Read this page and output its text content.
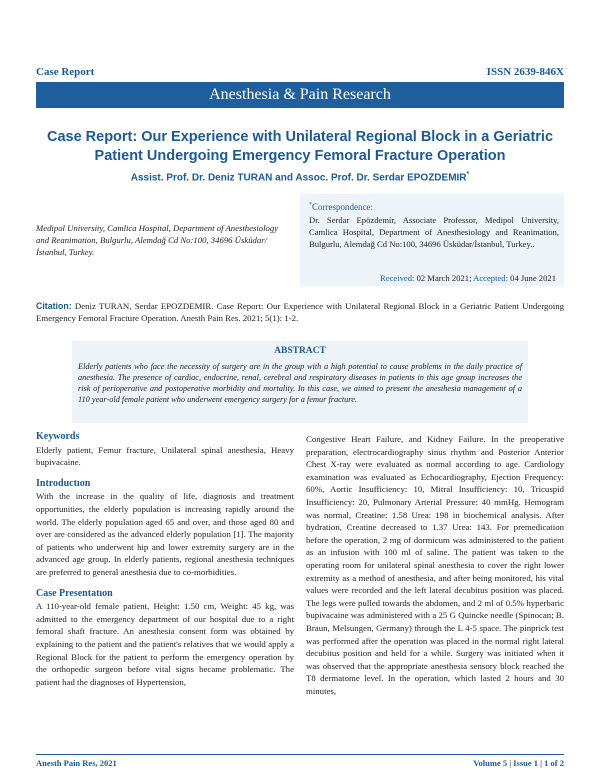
Case Report	ISSN 2639-846X
Anesthesia & Pain Research
Case Report: Our Experience with Unilateral Regional Block in a Geriatric Patient Undergoing Emergency Femoral Fracture Operation
Assist. Prof. Dr. Deniz TURAN and Assoc. Prof. Dr. Serdar EPOZDEMIR*
Medipol University, Camlica Hospital, Department of Anesthesiology and Reanimation, Bulgurlu, Alemdağ Cd No:100, 34696 Üsküdar/İstanbul, Turkey.
*Correspondence:
Dr. Serdar Epözdemir, Associate Professor, Medipol University, Camlica Hospital, Department of Anesthesiology and Reanimation, Bulgurlu, Alemdağ Cd No:100, 34696 Üsküdar/İstanbul, Turkey..
Received: 02 March 2021; Accepted: 04 June 2021
Citation: Deniz TURAN, Serdar EPOZDEMIR. Case Report: Our Experience with Unilateral Regional Block in a Geriatric Patient Undergoing Emergency Femoral Fracture Operation. Anesth Pain Res. 2021; 5(1): 1-2.
ABSTRACT
Elderly patients who face the necessity of surgery are in the group with a high potential to cause problems in the daily practice of anesthesia. The presence of cardiac, endocrine, renal, cerebral and respiratory diseases in patients in this age group increases the risk of perioperative and postoperative morbidity and mortality. In this case, we aimed to present the anesthesia management of a 110 year-old female patient who underwent emergency surgery for a femur fracture.

Keywords

Elderly patient, Femur fracture, Unilateral spinal anesthesia, Heavy bupivacaine.

Introductıon

With the increase in the quality of life, diagnosis and treatment opportunities, the elderly population is increasing rapidly around the world. The elderly population aged 65 and over, and those aged 80 and over are considered as the advanced elderly population [1]. The majority of patients who underwent hip and lower extremity surgery are in the advanced age group. In elderly patients, regional anesthesia techniques are preferred to general anesthesia due to co-morbidities.

Case Presentatıon

A 110-year-old female patient, Height: 1.50 cm, Weight: 45 kg, was admitted to the emergency department of our hospital due to a right femoral shaft fracture. An anesthesia consent form was obtained by explaining to the patient and the patient's relatives that we would apply a Regional Block for the patient to perform the emergency operation by the orthopedic surgeon before vital signs became problematic. The patient had the diagnoses of Hypertension,

Congestive Heart Failure, and Kidney Failure. In the preoperative preparation, electrocardiography sinus rhythm and Posterior Anterior Chest X-ray were evaluated as normal according to age. Cardiology examination was evaluated as Echocardiography, Ejection Frequency: 60%, Aortic Insufficiency: 10, Mitral Insufficiency: 10, Tricuspid Insufficiency: 20, Pulmonary Arterial Pressure: 40 mmHg. Hemogram was normal, Creatine: 1.58 Urea: 198 in biochemical analysis. After hydration, Creatine decreased to 1.37 Urea: 143. For premedication before the operation, 2 mg of dormicum was administered to the patient as an infusion with 100 ml of saline. The patient was taken to the operating room for unilateral spinal anesthesia to cover the right lower extremity as a method of anesthesia, and after being monitored, his vital values were recorded and the left lateral decubitus position was placed. The legs were pulled towards the abdomen, and 2 ml of 0.5% hyperbaric bupivacaine was administered with a 25 G Quincke needle (Spinocan; B. Braun, Melsungen, Germany) through the L 4-5 space. The pinprick test was performed after the operation was placed in the normal right lateral decubitus position and held for a while. Surgery was initiated when it was observed that the appropriate anesthesia sensory block reached the T8 dermatome level. In the operation, which lasted 2 hours and 30 minutes,

Anesth Pain Res, 2021	Volume 5 | Issue 1 | 1 of 2
